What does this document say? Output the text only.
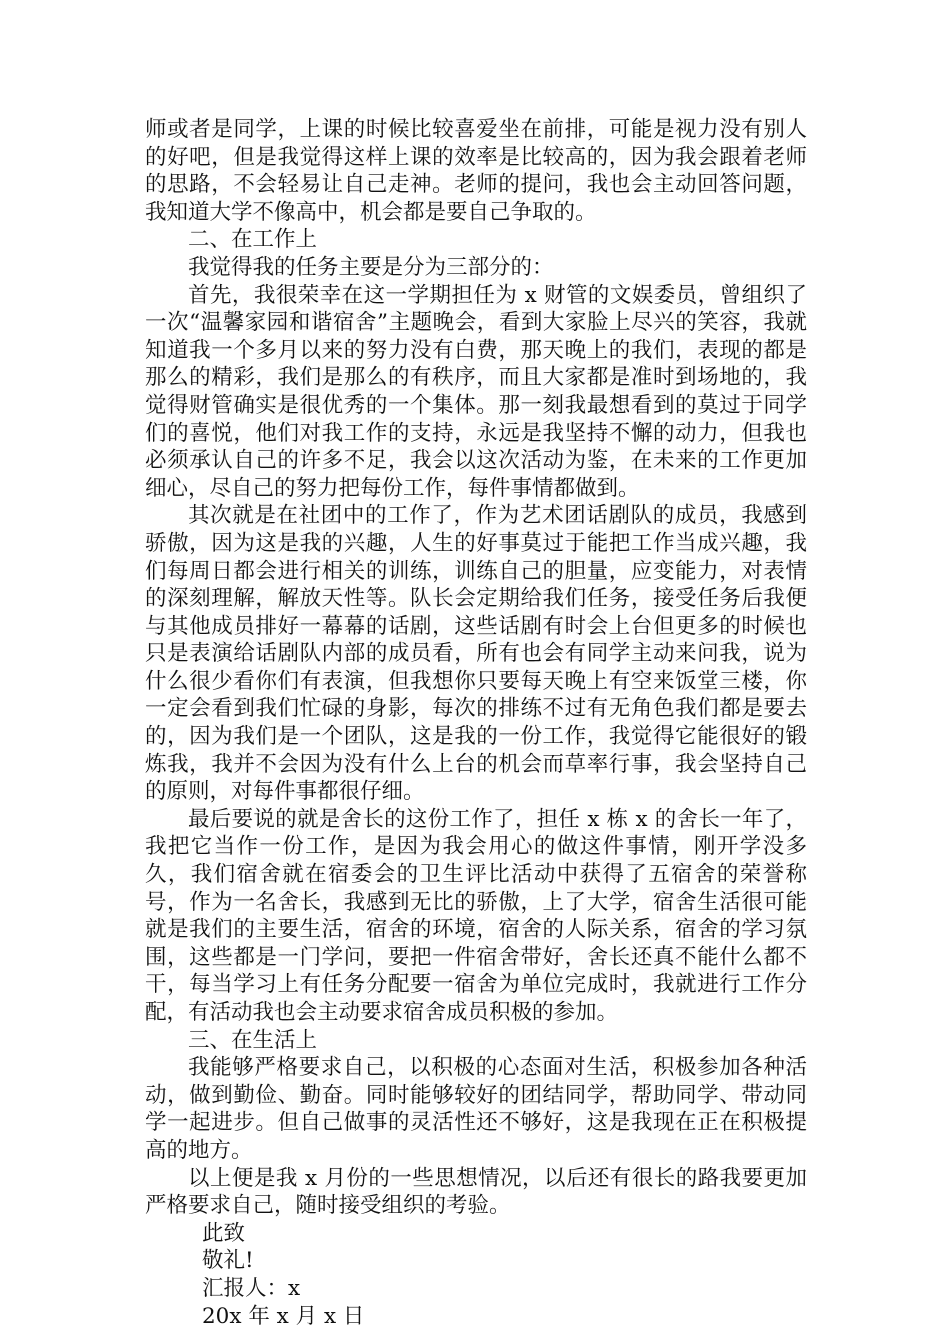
师或者是同学，上课的时候比较喜爱坐在前排，可能是视力没有别人的好吧，但是我觉得这样上课的效率是比较高的，因为我会跟着老师的思路，不会轻易让自己走神。老师的提问，我也会主动回答问题，我知道大学不像高中，机会都是要自己争取的。

二、在工作上

我觉得我的任务主要是分为三部分的：

首先，我很荣幸在这一学期担任为 x 财管的文娱委员，曾组织了一次“温馨家园和谐宿舍”主题晚会，看到大家脸上尽兴的笑容，我就知道我一个多月以来的努力没有白费，那天晚上的我们，表现的都是那么的精彩，我们是那么的有秩序，而且大家都是准时到场地的，我觉得财管确实是很优秀的一个集体。那一刻我最想看到的莫过于同学们的喜悦，他们对我工作的支持，永远是我坚持不懈的动力，但我也必须承认自己的许多不足，我会以这次活动为鉴，在未来的工作更加细心，尽自己的努力把每份工作，每件事情都做到。

其次就是在社团中的工作了，作为艺术团话剧队的成员，我感到骄傲，因为这是我的兴趣，人生的好事莫过于能把工作当成兴趣，我们每周日都会进行相关的训练，训练自己的胆量，应变能力，对表情的深刻理解，解放天性等。队长会定期给我们任务，接受任务后我便与其他成员排好一幕幕的话剧，这些话剧有时会上台但更多的时候也只是表演给话剧队内部的成员看，所有也会有同学主动来问我，说为什么很少看你们有表演，但我想你只要每天晚上有空来饭堂三楼，你一定会看到我们忙碌的身影，每次的排练不过有无角色我们都是要去的，因为我们是一个团队，这是我的一份工作，我觉得它能很好的锻炼我，我并不会因为没有什么上台的机会而草率行事，我会坚持自己的原则，对每件事都很仔细。

最后要说的就是舍长的这份工作了，担任 x 栋 x 的舍长一年了，我把它当作一份工作，是因为我会用心的做这件事情，刚开学没多久，我们宿舍就在宿委会的卫生评比活动中获得了五宿舍的荣誉称号，作为一名舍长，我感到无比的骄傲，上了大学，宿舍生活很可能就是我们的主要生活，宿舍的环境，宿舍的人际关系，宿舍的学习氛围，这些都是一门学问，要把一件宿舍带好，舍长还真不能什么都不干，每当学习上有任务分配要一宿舍为单位完成时，我就进行工作分配，有活动我也会主动要求宿舍成员积极的参加。

三、在生活上

我能够严格要求自己，以积极的心态面对生活，积极参加各种活动，做到勤俭、勤奋。同时能够较好的团结同学，帮助同学、带动同学一起进步。但自己做事的灵活性还不够好，这是我现在正在积极提高的地方。

以上便是我 x 月份的一些思想情况，以后还有很长的路我要更加严格要求自己，随时接受组织的考验。

此致

敬礼!

汇报人：x

20x 年 x 月 x 日
